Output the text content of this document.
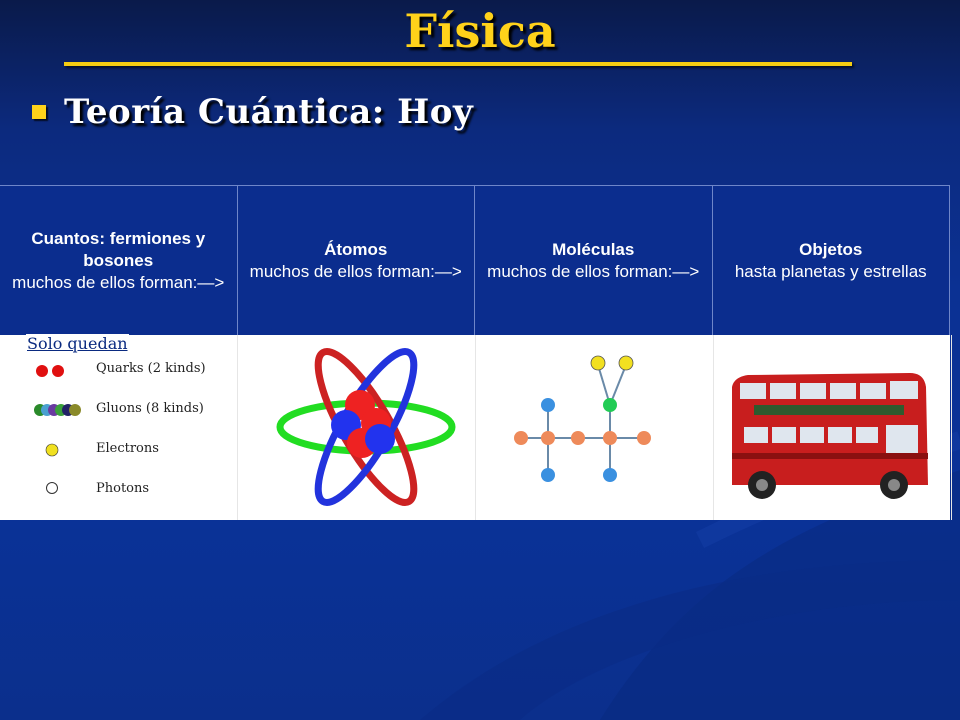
Física
Teoría Cuántica: Hoy
Cuantos: fermiones y bosones
muchos de ellos forman:—>
Átomos
muchos de ellos forman:—>
Moléculas
muchos de ellos forman:—>
Objetos
hasta planetas y estrellas
Solo quedan
Quarks (2 kinds)
Gluons (8 kinds)
Electrons
Photons
